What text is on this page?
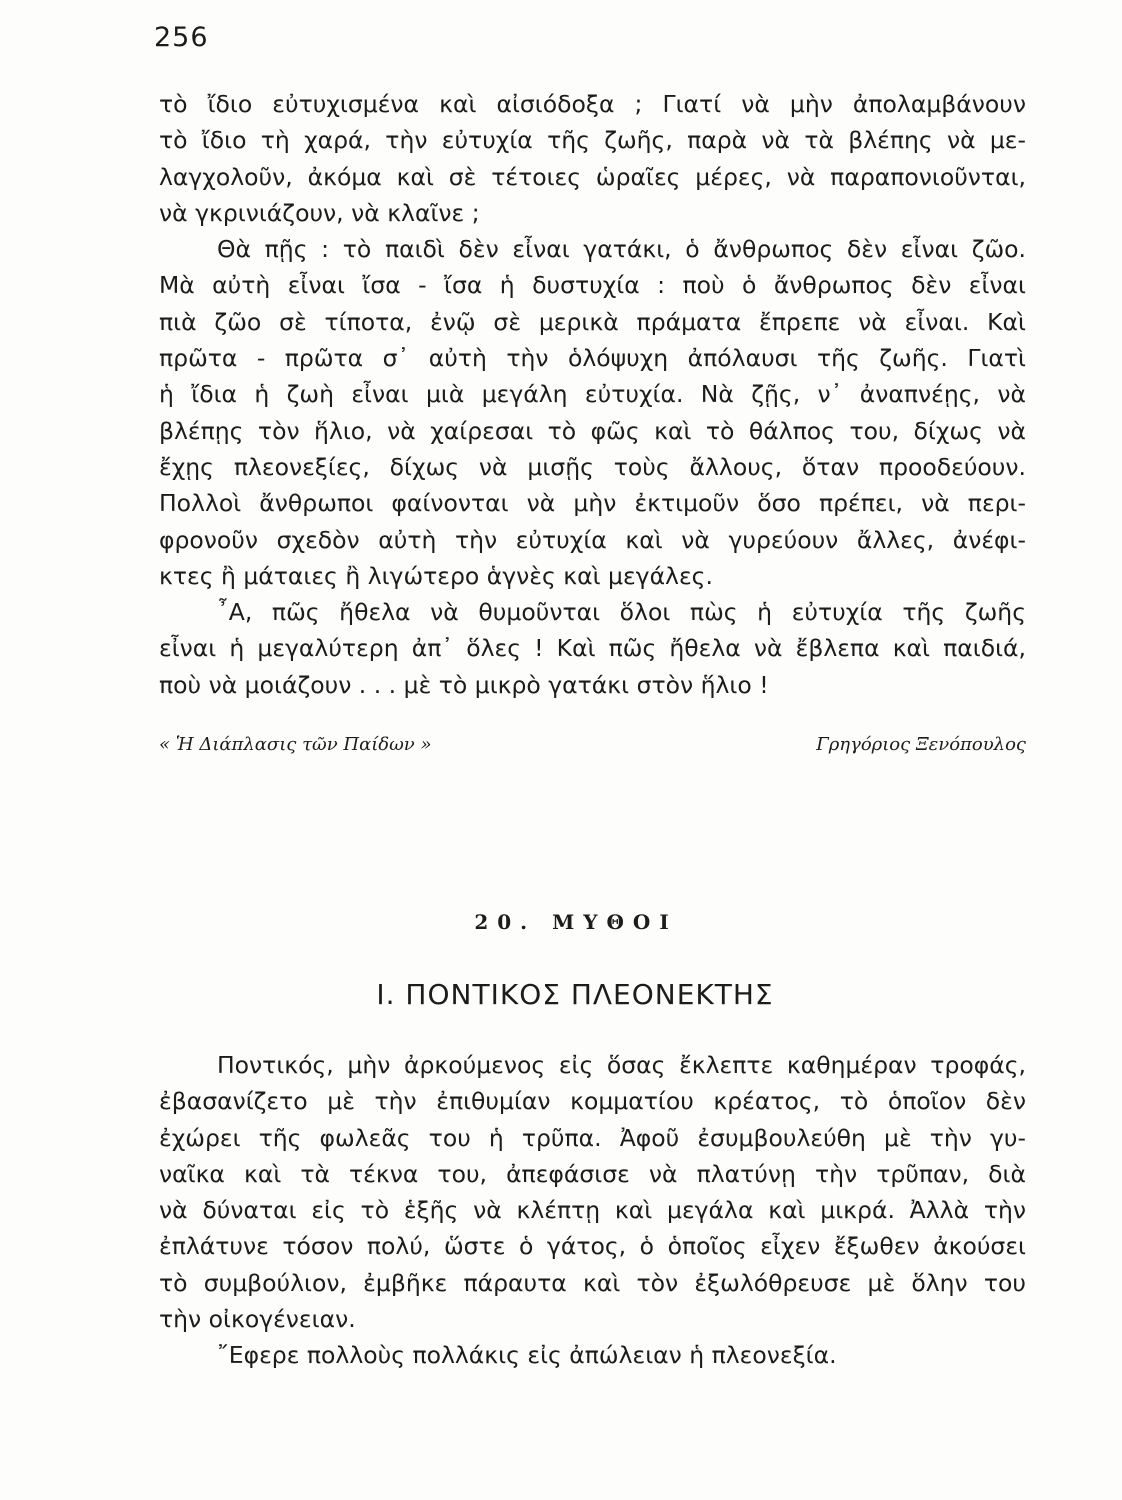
256
τὸ ἴδιο εὐτυχισμένα καὶ αἰσιόδοξα ; Γιατί νὰ μὴν ἀπολαμβάνουν
τὸ ἴδιο τὴ χαρά, τὴν εὐτυχία τῆς ζωῆς, παρὰ νὰ τὰ βλέπης νὰ με-
λαγχολοῦν, ἀκόμα καὶ σὲ τέτοιες ὡραῖες μέρες, νὰ παραπονιοῦνται,
νὰ γκρινιάζουν, νὰ κλαῖνε ;
Θὰ πῇς : τὸ παιδὶ δὲν εἶναι γατάκι, ὁ ἄνθρωπος δὲν εἶναι ζῶο.
Μὰ αὐτὴ εἶναι ἴσα - ἴσα ἡ δυστυχία : ποὺ ὁ ἄνθρωπος δὲν εἶναι
πιὰ ζῶο σὲ τίποτα, ἐνῷ σὲ μερικὰ πράματα ἔπρεπε νὰ εἶναι. Καὶ
πρῶτα - πρῶτα σ᾿ αὐτὴ τὴν ὁλόψυχη ἀπόλαυσι τῆς ζωῆς. Γιατὶ
ἡ ἴδια ἡ ζωὴ εἶναι μιὰ μεγάλη εὐτυχία. Νὰ ζῇς, ν᾿ ἀναπνέῃς, νὰ
βλέπῃς τὸν ἥλιο, νὰ χαίρεσαι τὸ φῶς καὶ τὸ θάλπος του, δίχως νὰ
ἔχῃς πλεονεξίες, δίχως νὰ μισῇς τοὺς ἄλλους, ὅταν προοδεύουν.
Πολλοὶ ἄνθρωποι φαίνονται νὰ μὴν ἐκτιμοῦν ὅσο πρέπει, νὰ περι-
φρονοῦν σχεδὸν αὐτὴ τὴν εὐτυχία καὶ νὰ γυρεύουν ἄλλες, ἀνέφι-
κτες ἢ μάταιες ἢ λιγώτερο ἁγνὲς καὶ μεγάλες.
῏Α, πῶς ἤθελα νὰ θυμοῦνται ὅλοι πὼς ἡ εὐτυχία τῆς ζωῆς
εἶναι ἡ μεγαλύτερη ἀπ᾿ ὅλες ! Καὶ πῶς ἤθελα νὰ ἔβλεπα καὶ παιδιά,
ποὺ νὰ μοιάζουν . . . μὲ τὸ μικρὸ γατάκι στὸν ἥλιο !
« Ἡ Διάπλασις τῶν Παίδων »	Γρηγόριος Ξενόπουλος
20. ΜΥΘΟΙ
Ι. ΠΟΝΤΙΚΟΣ ΠΛΕΟΝΕΚΤΗΣ
Ποντικός, μὴν ἀρκούμενος εἰς ὅσας ἔκλεπτε καθημέραν τροφάς,
ἐβασανίζετο μὲ τὴν ἐπιθυμίαν κομματίου κρέατος, τὸ ὁποῖον δὲν
ἐχώρει τῆς φωλεᾶς του ἡ τρῦπα. Ἀφοῦ ἐσυμβουλεύθη μὲ τὴν γυ-
ναῖκα καὶ τὰ τέκνα του, ἀπεφάσισε νὰ πλατύνῃ τὴν τρῦπαν, διὰ
νὰ δύναται εἰς τὸ ἑξῆς νὰ κλέπτῃ καὶ μεγάλα καὶ μικρά. Ἀλλὰ τὴν
ἐπλάτυνε τόσον πολύ, ὥστε ὁ γάτος, ὁ ὁποῖος εἶχεν ἔξωθεν ἀκούσει
τὸ συμβούλιον, ἐμβῆκε πάραυτα καὶ τὸν ἐξωλόθρευσε μὲ ὅλην του
τὴν οἰκογένειαν.
῎Εφερε πολλοὺς πολλάκις εἰς ἀπώλειαν ἡ πλεονεξία.
